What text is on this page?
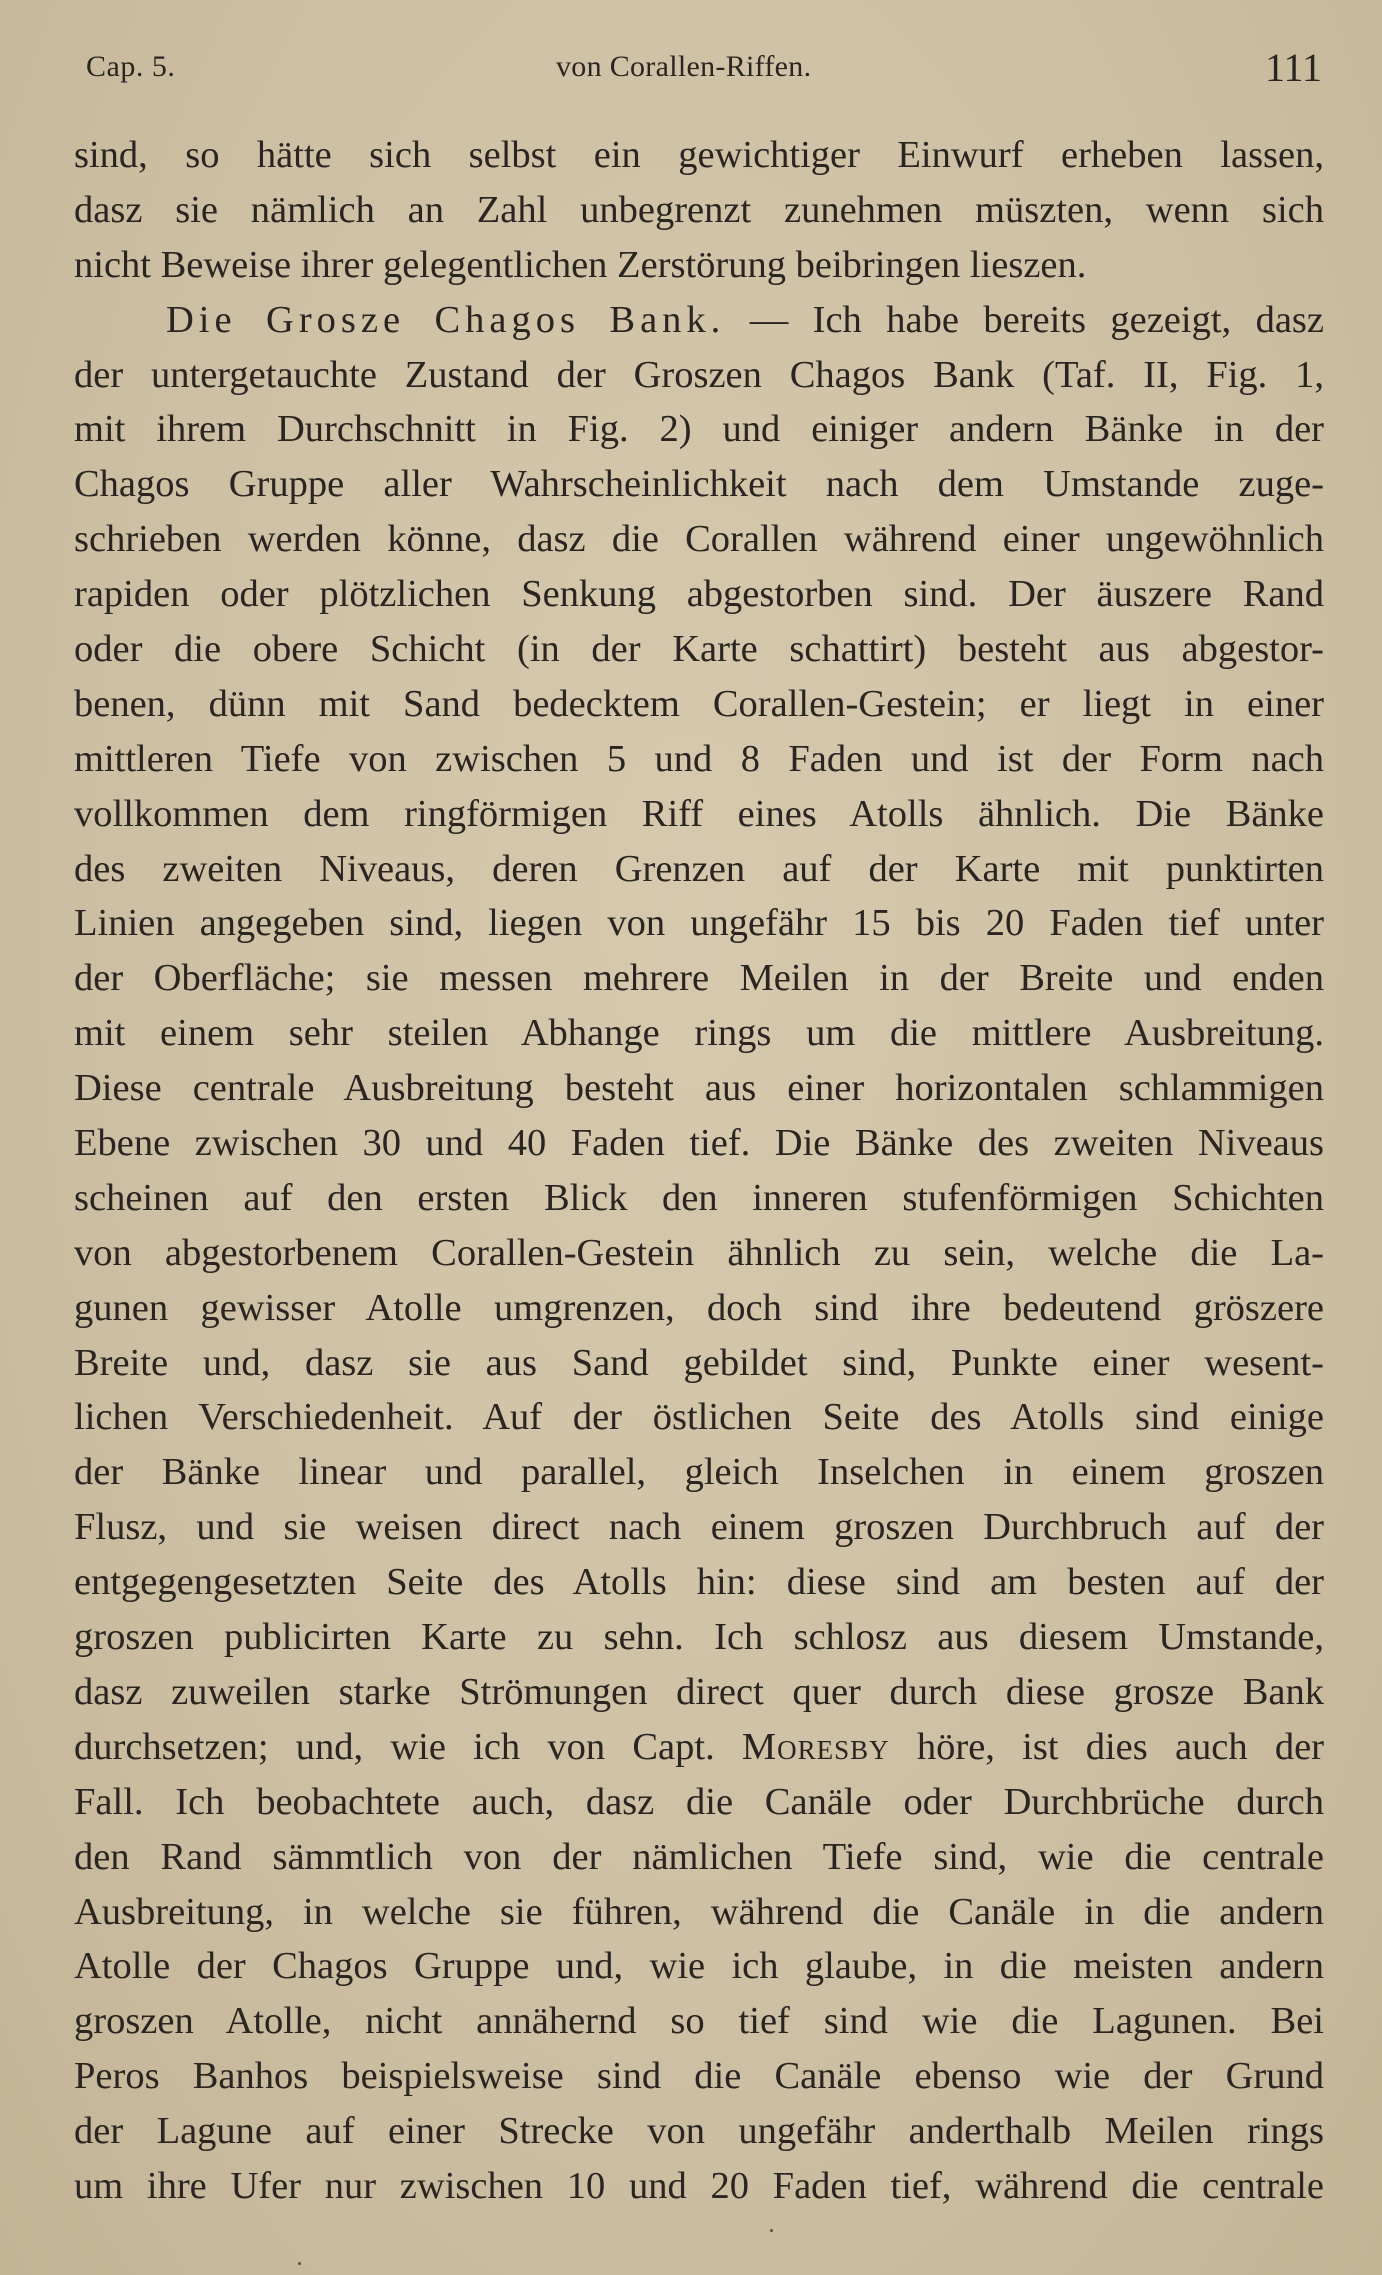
Cap. 5.	von Corallen-Riffen.	111
sind, so hätte sich selbst ein gewichtiger Einwurf erheben lassen,
dasz sie nämlich an Zahl unbegrenzt zunehmen müszten, wenn sich
nicht Beweise ihrer gelegentlichen Zerstörung beibringen lieszen.
Die Grosze Chagos Bank. — Ich habe bereits gezeigt, dasz
der untergetauchte Zustand der Groszen Chagos Bank (Taf. II, Fig. 1,
mit ihrem Durchschnitt in Fig. 2) und einiger andern Bänke in der
Chagos Gruppe aller Wahrscheinlichkeit nach dem Umstande zuge-
schrieben werden könne, dasz die Corallen während einer ungewöhnlich
rapiden oder plötzlichen Senkung abgestorben sind. Der äuszere Rand
oder die obere Schicht (in der Karte schattirt) besteht aus abgestor-
benen, dünn mit Sand bedecktem Corallen-Gestein; er liegt in einer
mittleren Tiefe von zwischen 5 und 8 Faden und ist der Form nach
vollkommen dem ringförmigen Riff eines Atolls ähnlich. Die Bänke
des zweiten Niveaus, deren Grenzen auf der Karte mit punktirten
Linien angegeben sind, liegen von ungefähr 15 bis 20 Faden tief unter
der Oberfläche; sie messen mehrere Meilen in der Breite und enden
mit einem sehr steilen Abhange rings um die mittlere Ausbreitung.
Diese centrale Ausbreitung besteht aus einer horizontalen schlammigen
Ebene zwischen 30 und 40 Faden tief. Die Bänke des zweiten Niveaus
scheinen auf den ersten Blick den inneren stufenförmigen Schichten
von abgestorbenem Corallen-Gestein ähnlich zu sein, welche die La-
gunen gewisser Atolle umgrenzen, doch sind ihre bedeutend gröszere
Breite und, dasz sie aus Sand gebildet sind, Punkte einer wesent-
lichen Verschiedenheit. Auf der östlichen Seite des Atolls sind einige
der Bänke linear und parallel, gleich Inselchen in einem groszen
Flusz, und sie weisen direct nach einem groszen Durchbruch auf der
entgegengesetzten Seite des Atolls hin: diese sind am besten auf der
groszen publicirten Karte zu sehn. Ich schlosz aus diesem Umstande,
dasz zuweilen starke Strömungen direct quer durch diese grosze Bank
durchsetzen; und, wie ich von Capt. Moresby höre, ist dies auch der
Fall. Ich beobachtete auch, dasz die Canäle oder Durchbrüche durch
den Rand sämmtlich von der nämlichen Tiefe sind, wie die centrale
Ausbreitung, in welche sie führen, während die Canäle in die andern
Atolle der Chagos Gruppe und, wie ich glaube, in die meisten andern
groszen Atolle, nicht annähernd so tief sind wie die Lagunen. Bei
Peros Banhos beispielsweise sind die Canäle ebenso wie der Grund
der Lagune auf einer Strecke von ungefähr anderthalb Meilen rings
um ihre Ufer nur zwischen 10 und 20 Faden tief, während die centrale
